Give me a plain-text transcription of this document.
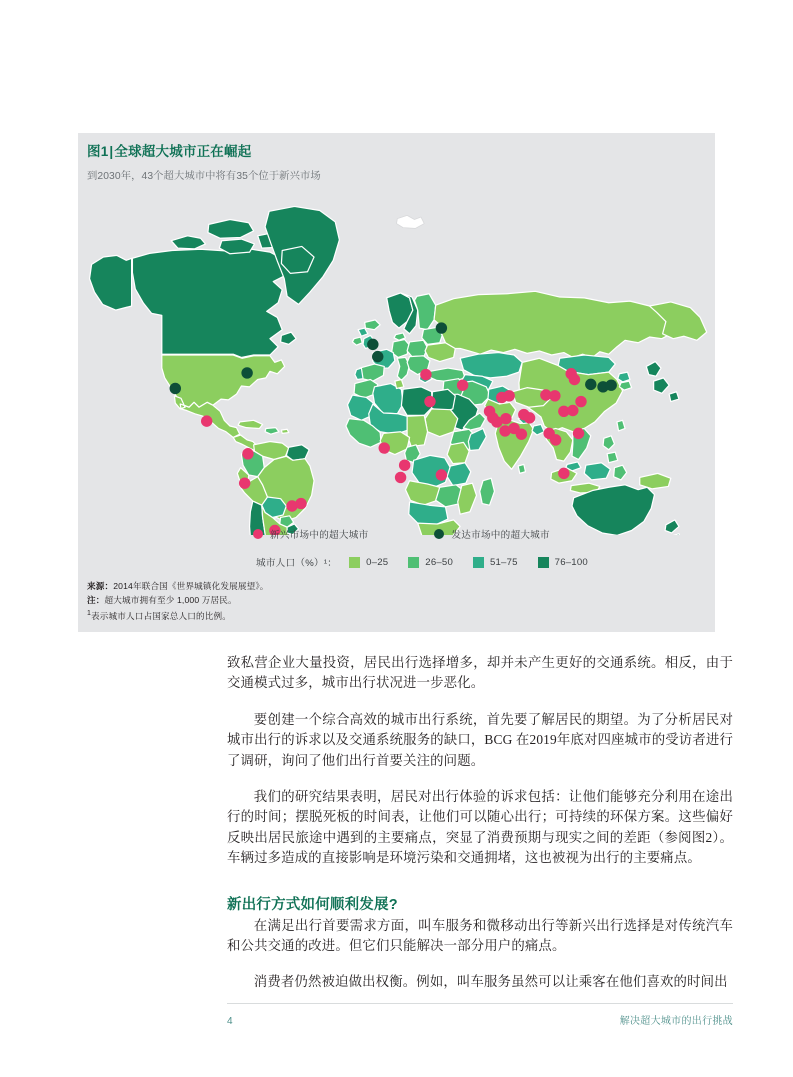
图1|全球超大城市正在崛起
到2030年，43个超大城市中将有35个位于新兴市场
新兴市场中的超大城市	发达市场中的超大城市
城市人口（%）¹：	0–25	26–50	51–75	76–100
来源：2014年联合国《世界城镇化发展展望》。
注：超大城市拥有至少 1,000 万居民。
$^1$表示城市人口占国家总人口的比例。

致私营企业大量投资，居民出行选择增多，却并未产生更好的交通系统。相反，由于交通模式过多，城市出行状况进一步恶化。

要创建一个综合高效的城市出行系统，首先要了解居民的期望。为了分析居民对城市出行的诉求以及交通系统服务的缺口，BCG 在2019年底对四座城市的受访者进行了调研，询问了他们出行首要关注的问题。

我们的研究结果表明，居民对出行体验的诉求包括：让他们能够充分利用在途出行的时间；摆脱死板的时间表，让他们可以随心出行；可持续的环保方案。这些偏好反映出居民旅途中遇到的主要痛点，突显了消费预期与现实之间的差距（参阅图2）。车辆过多造成的直接影响是环境污染和交通拥堵，这也被视为出行的主要痛点。

新出行方式如何顺利发展?

在满足出行首要需求方面，叫车服务和微移动出行等新兴出行选择是对传统汽车和公共交通的改进。但它们只能解决一部分用户的痛点。

消费者仍然被迫做出权衡。例如，叫车服务虽然可以让乘客在他们喜欢的时间出

4	解决超大城市的出行挑战
